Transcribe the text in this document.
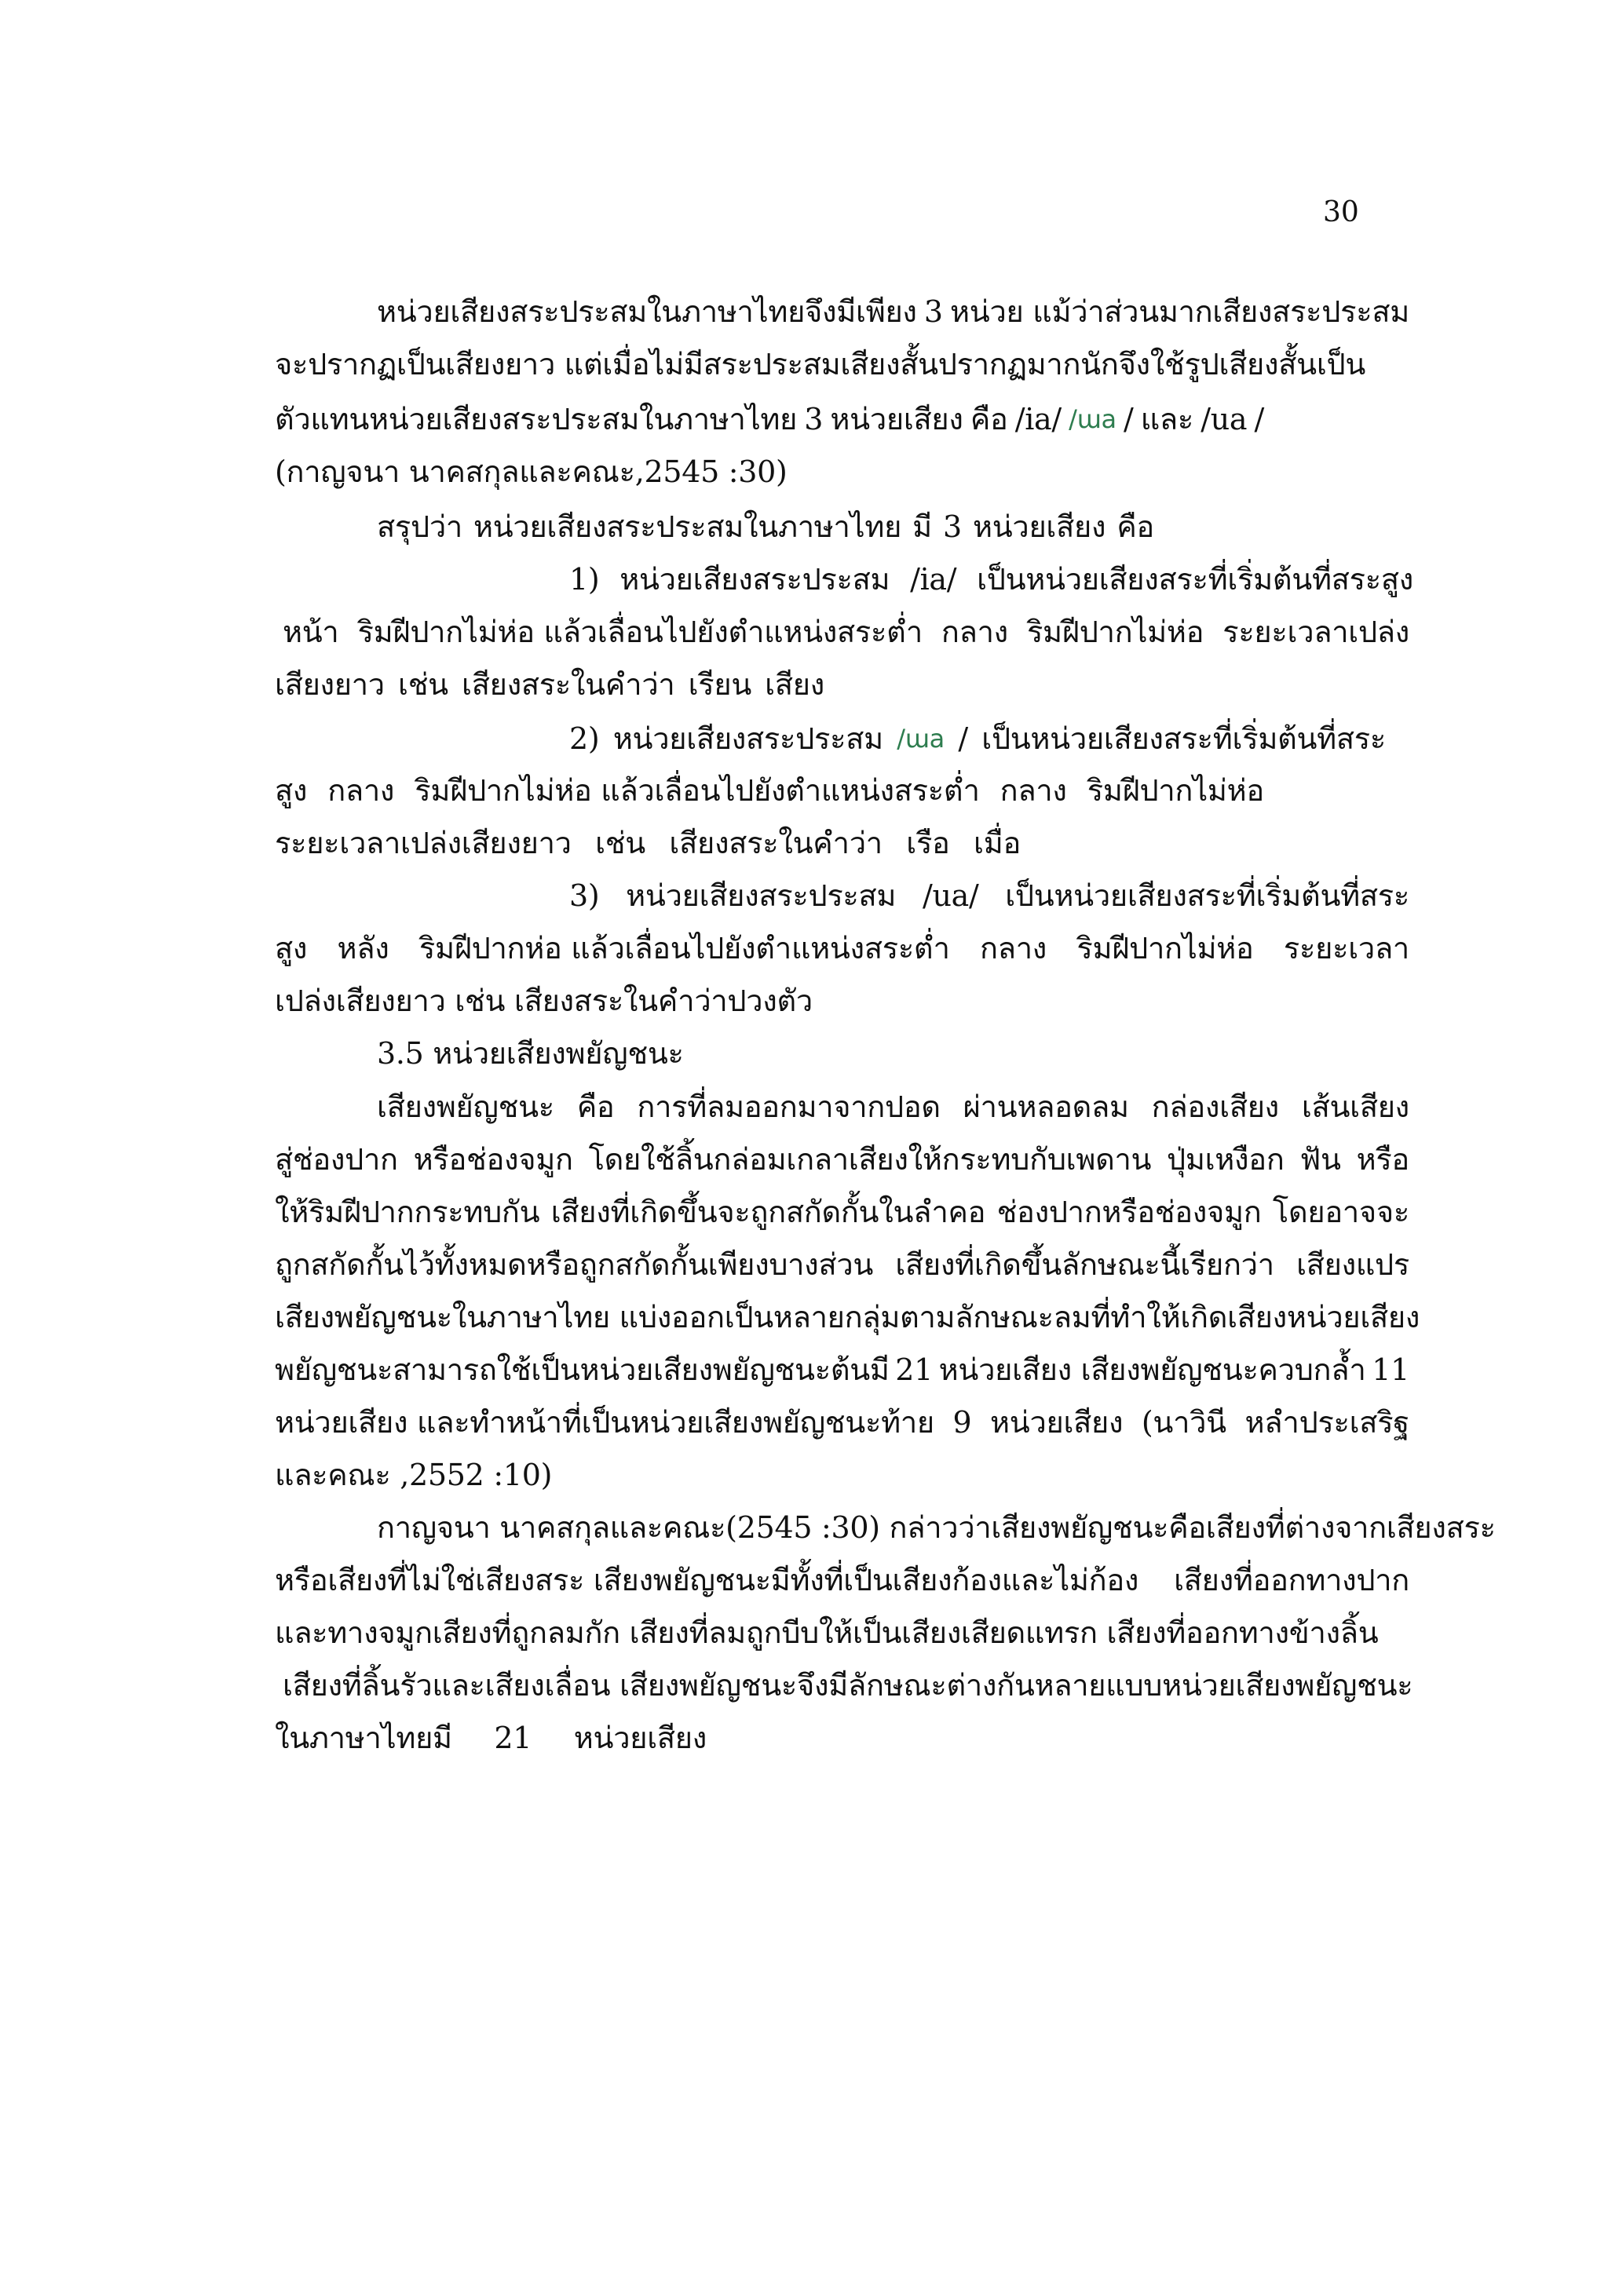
30
หน่วยเสียงสระประสมในภาษาไทยจึงมีเพียง 3 หน่วย แม้ว่าส่วนมากเสียงสระประสม
จะปรากฏเป็นเสียงยาว แต่เมื่อไม่มีสระประสมเสียงสั้นปรากฏมากนัก จึงใช้รูปเสียงสั้นเป็น
ตัวแทนหน่วยเสียงสระประสมในภาษาไทย 3 หน่วยเสียง คือ /ia/ /ɯa / และ /ua /
(กาญจนา นาคสกุลและคณะ,2545 :30)
สรุปว่า หน่วยเสียงสระประสมในภาษาไทย มี 3 หน่วยเสียง คือ
1) หน่วยเสียงสระประสม /ia/ เป็นหน่วยเสียงสระที่เริ่มต้นที่สระสูง
หน้า ริมฝีปากไม่ห่อ แล้วเลื่อนไปยังตำแหน่งสระต่ำ กลาง ริมฝีปากไม่ห่อ ระยะเวลาเปล่ง
เสียงยาว เช่น เสียงสระในคำว่า เรียน เสียง
2) หน่วยเสียงสระประสม /ɯa / เป็นหน่วยเสียงสระที่เริ่มต้นที่สระ
สูง กลาง ริมฝีปากไม่ห่อ แล้วเลื่อนไปยังตำแหน่งสระต่ำ กลาง ริมฝีปากไม่ห่อ
ระยะเวลาเปล่งเสียงยาว เช่น เสียงสระในคำว่า เรือ เมื่อ
3) หน่วยเสียงสระประสม /ua/ เป็นหน่วยเสียงสระที่เริ่มต้นที่สระ
สูง หลัง ริมฝีปากห่อ แล้วเลื่อนไปยังตำแหน่งสระต่ำ กลาง ริมฝีปากไม่ห่อ ระยะเวลา
เปล่งเสียงยาว เช่น เสียงสระในคำว่า ปวง ตัว
3.5 หน่วยเสียงพยัญชนะ
เสียงพยัญชนะ คือ การที่ลมออกมาจากปอด ผ่านหลอดลม กล่องเสียง เส้นเสียง
สู่ช่องปาก หรือช่องจมูก โดยใช้ลิ้นกล่อมเกลาเสียงให้กระทบกับเพดาน ปุ่มเหงือก ฟัน หรือ
ให้ริมฝีปากกระทบกัน เสียงที่เกิดขึ้นจะถูกสกัดกั้นในลำคอ ช่องปากหรือช่องจมูก โดยอาจจะ
ถูกสกัดกั้นไว้ทั้งหมดหรือถูกสกัดกั้นเพียงบางส่วน เสียงที่เกิดขึ้นลักษณะนี้เรียกว่า เสียงแปร
เสียงพยัญชนะในภาษาไทย แบ่งออกเป็นหลายกลุ่มตามลักษณะลมที่ทำให้เกิดเสียง หน่วยเสียง
พยัญชนะสามารถใช้เป็นหน่วยเสียงพยัญชนะต้นมี 21 หน่วยเสียง เสียงพยัญชนะควบกล้ำ 11
หน่วยเสียง และทำหน้าที่เป็นหน่วยเสียงพยัญชนะท้าย 9 หน่วยเสียง (นาวินี หลำประเสริฐ
และคณะ ,2552 :10)
กาญจนา นาคสกุลและคณะ(2545 :30) กล่าวว่าเสียงพยัญชนะคือเสียงที่ต่างจากเสียงสระ
หรือเสียงที่ไม่ใช่เสียงสระ เสียงพยัญชนะมีทั้งที่เป็นเสียงก้องและไม่ก้อง เสียงที่ออกทางปาก
และทางจมูกเสียงที่ถูกลมกัก เสียงที่ลมถูกบีบให้เป็นเสียงเสียดแทรก เสียงที่ออกทางข้างลิ้น
เสียงที่ลิ้นรัว และเสียงเลื่อน เสียงพยัญชนะจึงมีลักษณะต่างกันหลายแบบ หน่วยเสียงพยัญชนะ
ในภาษาไทยมี 21 หน่วยเสียง
